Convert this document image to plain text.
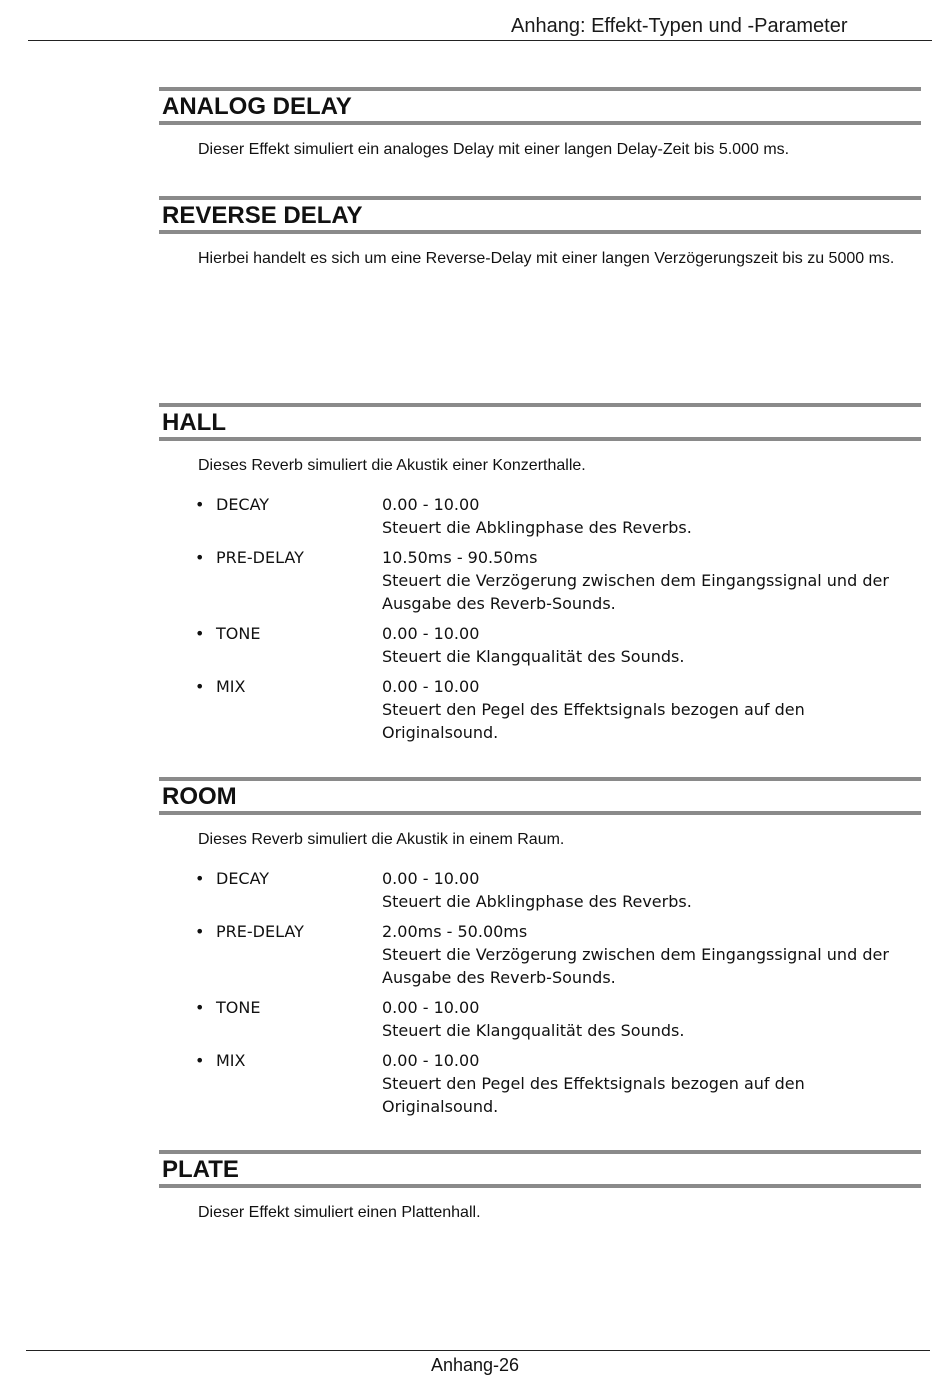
Anhang: Effekt-Typen und -Parameter
ANALOG DELAY
Dieser Effekt simuliert ein analoges Delay mit einer langen Delay-Zeit bis 5.000 ms.
REVERSE DELAY
Hierbei handelt es sich um eine Reverse-Delay mit einer langen Verzögerungszeit bis zu 5000 ms.
HALL
Dieses Reverb simuliert die Akustik einer Konzerthalle.
• DECAY	0.00 - 10.00
Steuert die Abklingphase des Reverbs.
• PRE-DELAY	10.50ms - 90.50ms
Steuert die Verzögerung zwischen dem Eingangssignal und der Ausgabe des Reverb-Sounds.
• TONE	0.00 - 10.00
Steuert die Klangqualität des Sounds.
• MIX	0.00 - 10.00
Steuert den Pegel des Effektsignals bezogen auf den Originalsound.
ROOM
Dieses Reverb simuliert die Akustik in einem Raum.
• DECAY	0.00 - 10.00
Steuert die Abklingphase des Reverbs.
• PRE-DELAY	2.00ms - 50.00ms
Steuert die Verzögerung zwischen dem Eingangssignal und der Ausgabe des Reverb-Sounds.
• TONE	0.00 - 10.00
Steuert die Klangqualität des Sounds.
• MIX	0.00 - 10.00
Steuert den Pegel des Effektsignals bezogen auf den Originalsound.
PLATE
Dieser Effekt simuliert einen Plattenhall.
Anhang-26
